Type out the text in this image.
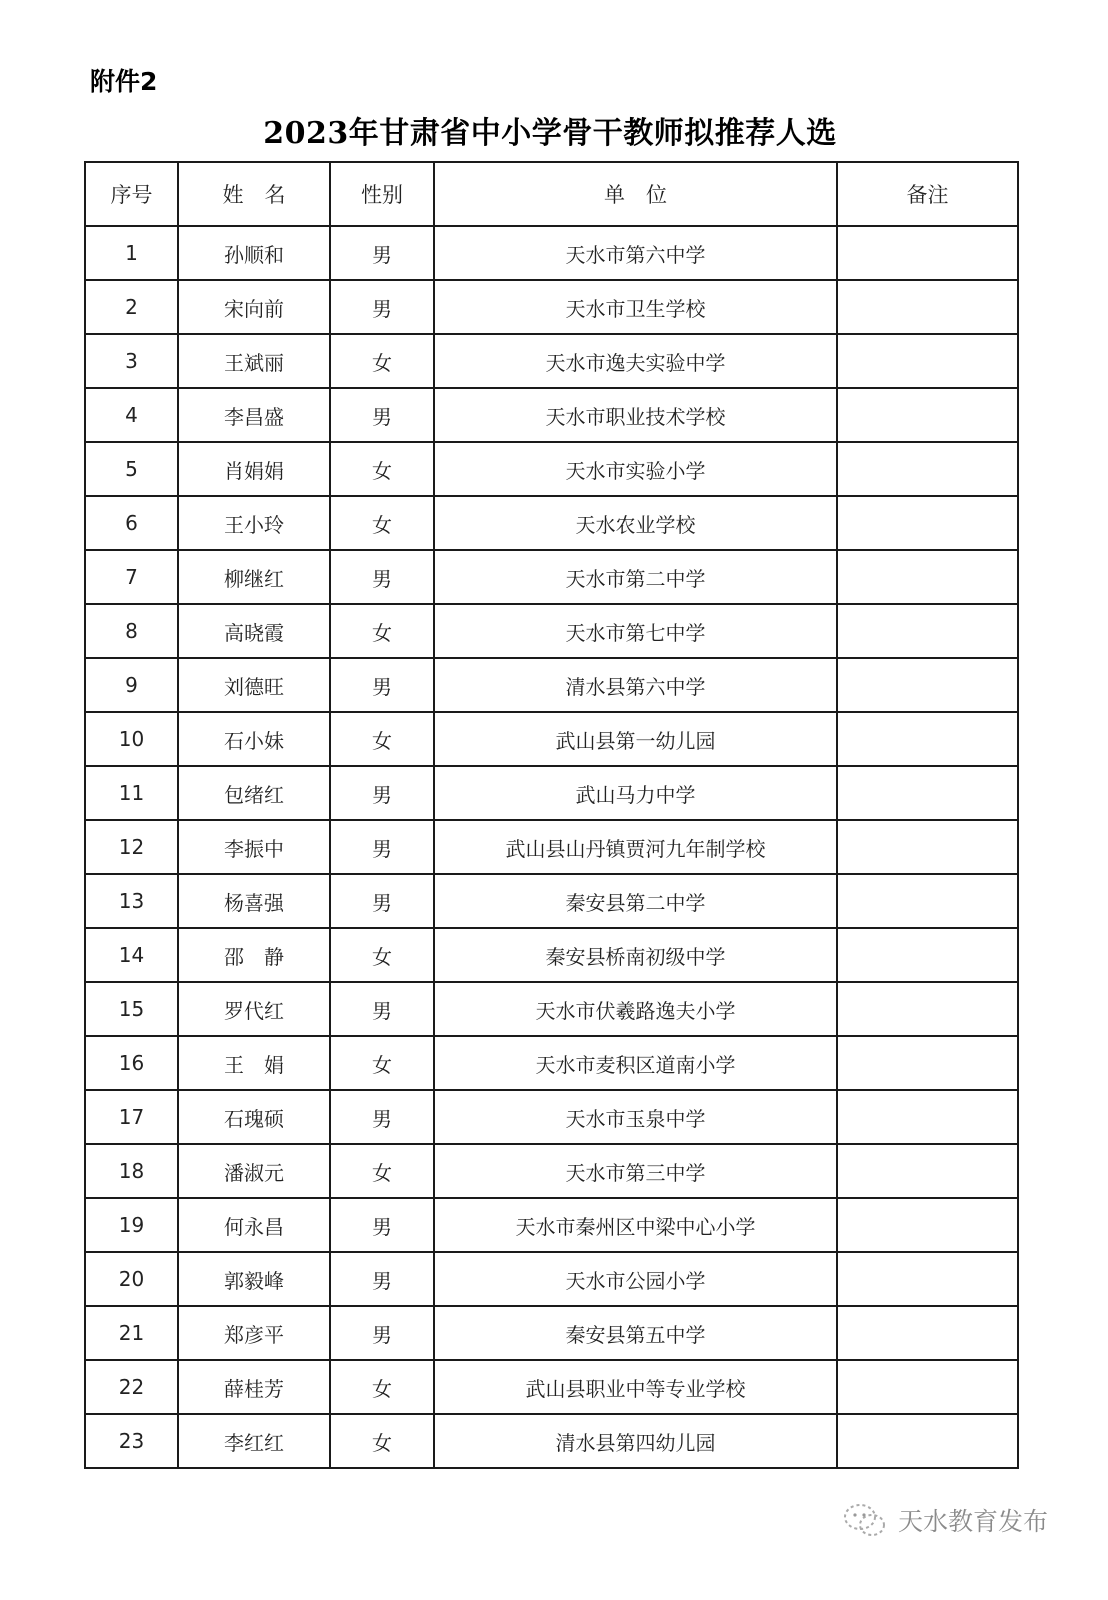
附件2
2023年甘肃省中小学骨干教师拟推荐人选
序号	姓　名	性别	单　位	备注
1	孙顺和	男	天水市第六中学	
2	宋向前	男	天水市卫生学校	
3	王斌丽	女	天水市逸夫实验中学	
4	李昌盛	男	天水市职业技术学校	
5	肖娟娟	女	天水市实验小学	
6	王小玲	女	天水农业学校	
7	柳继红	男	天水市第二中学	
8	高晓霞	女	天水市第七中学	
9	刘德旺	男	清水县第六中学	
10	石小妹	女	武山县第一幼儿园	
11	包绪红	男	武山马力中学	
12	李振中	男	武山县山丹镇贾河九年制学校	
13	杨喜强	男	秦安县第二中学	
14	邵　静	女	秦安县桥南初级中学	
15	罗代红	男	天水市伏羲路逸夫小学	
16	王　娟	女	天水市麦积区道南小学	
17	石瑰硕	男	天水市玉泉中学	
18	潘淑元	女	天水市第三中学	
19	何永昌	男	天水市秦州区中梁中心小学	
20	郭毅峰	男	天水市公园小学	
21	郑彦平	男	秦安县第五中学	
22	薛桂芳	女	武山县职业中等专业学校	
23	李红红	女	清水县第四幼儿园	
天水教育发布
